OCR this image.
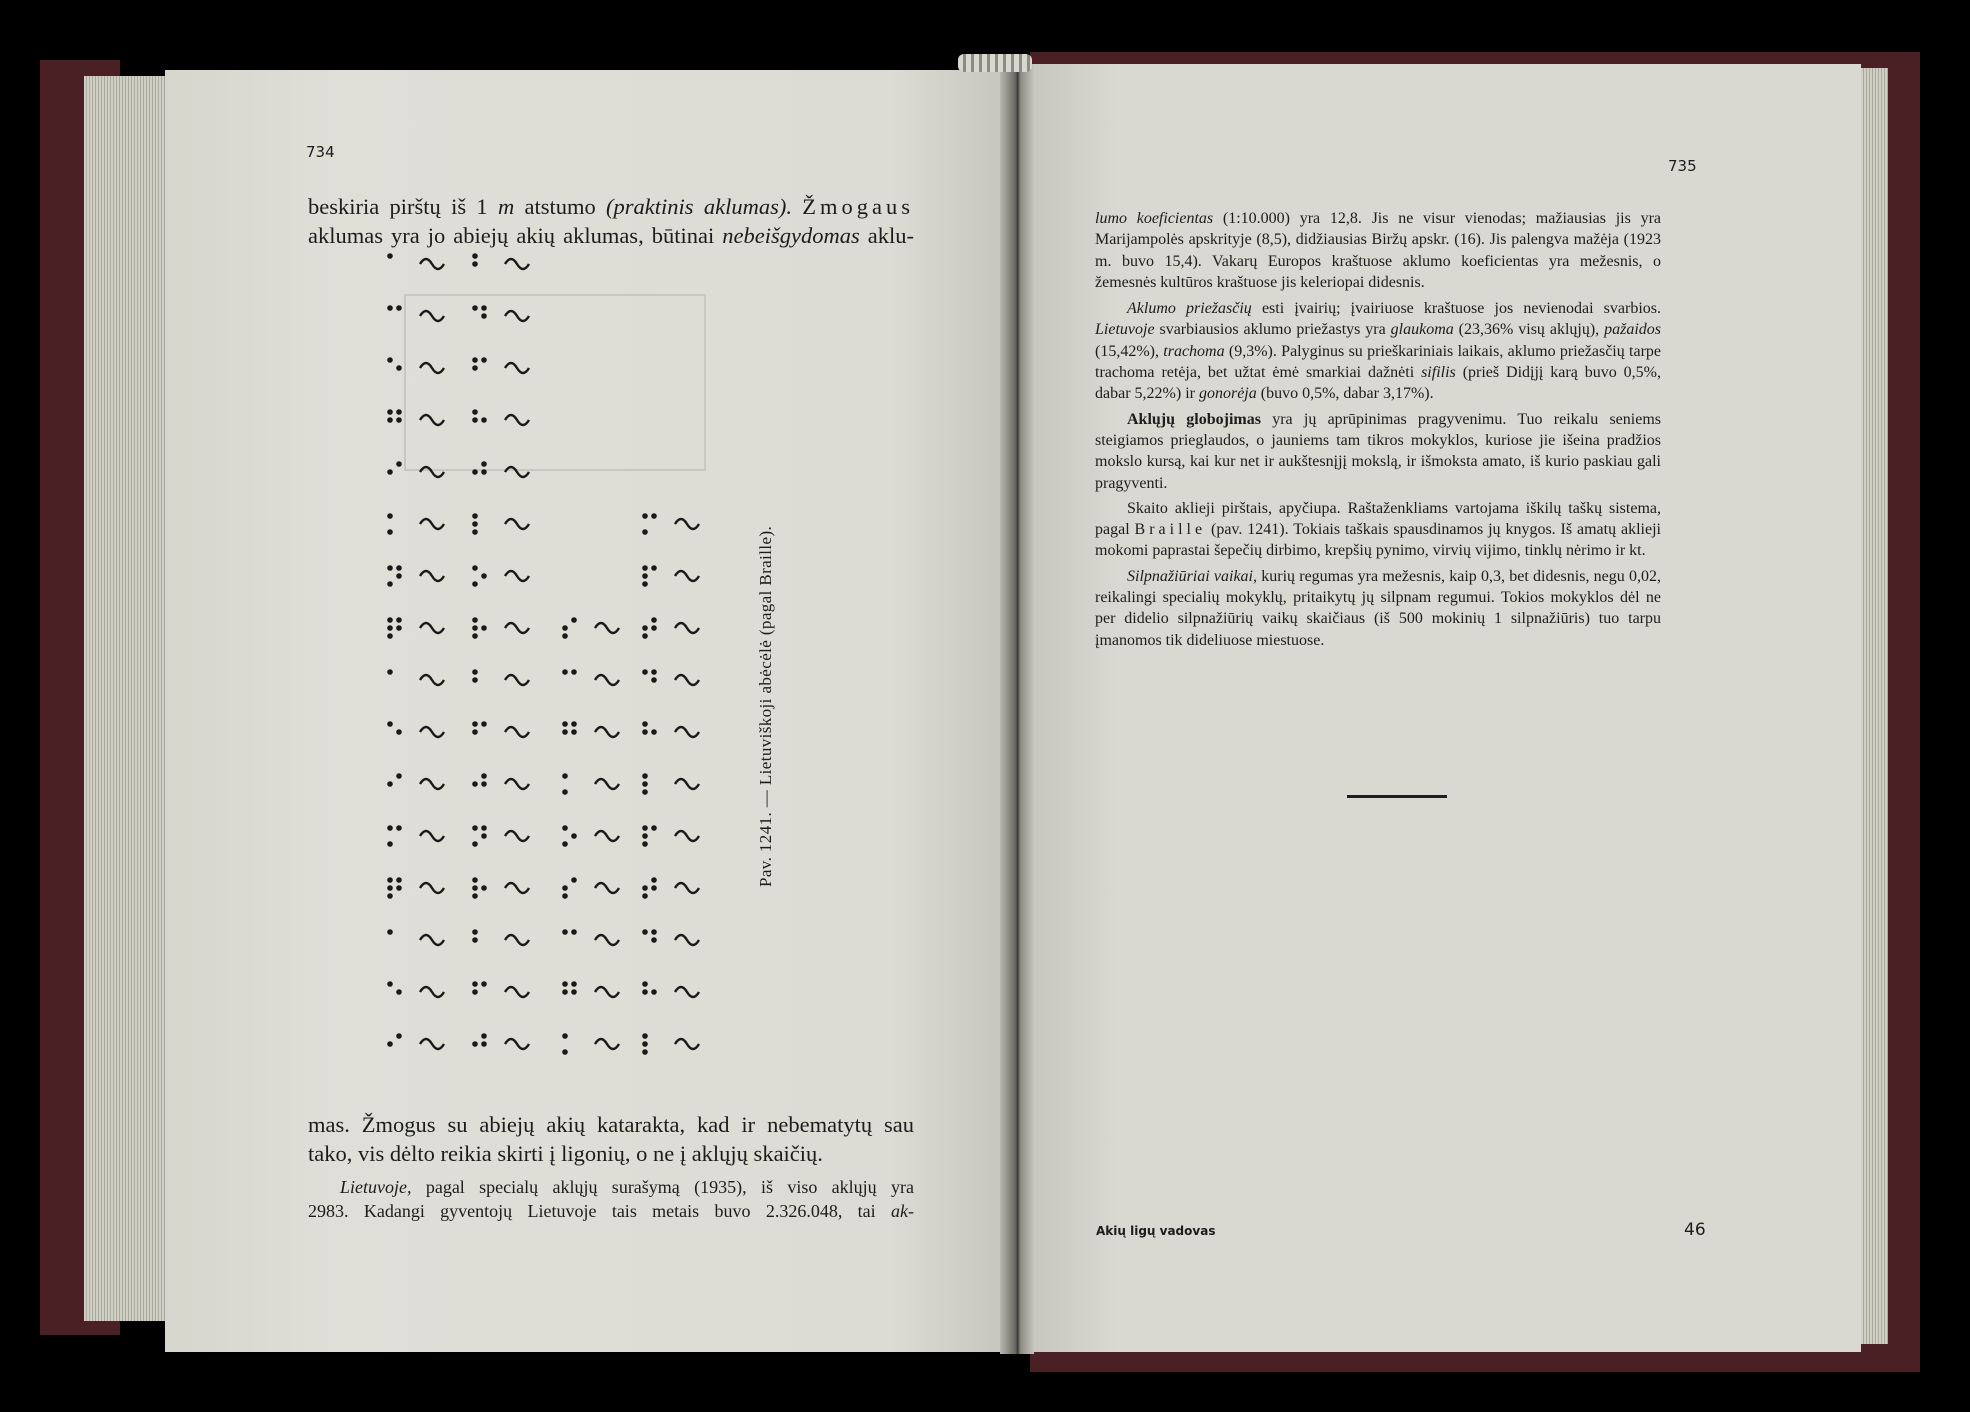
734

beskiria pirštų iš 1 m atstumo (praktinis aklumas). Žmogaus

aklumas yra jo abiejų akių aklumas, būtinai nebeišgydomas aklu-

Pav. 1241. — Lietuviškoji abėcėlė (pagal Braille).

mas. Žmogus su abiejų akių katarakta, kad ir nebematytų sau

tako, vis dėlto reikia skirti į ligonių, o ne į aklųjų skaičių.

Lietuvoje, pagal specialų aklųjų surašymą (1935), iš viso aklųjų yra

2983. Kadangi gyventojų Lietuvoje tais metais buvo 2.326.048, tai ak-

735

lumo koeficientas (1:10.000) yra 12,8. Jis ne visur vienodas; mažiausias jis yra Marijampolės apskrityje (8,5), didžiausias Biržų apskr. (16). Jis palengva mažėja (1923 m. buvo 15,4). Vakarų Europos kraštuose aklumo koeficientas yra mežesnis, o žemesnės kultūros kraštuose jis keleriopai didesnis.

Aklumo priežasčių esti įvairių; įvairiuose kraštuose jos nevienodai svarbios. Lietuvoje svarbiausios aklumo priežastys yra glaukoma (23,36% visų aklųjų), pažaidos (15,42%), trachoma (9,3%). Palyginus su prieškariniais laikais, aklumo priežasčių tarpe trachoma retėja, bet užtat ėmė smarkiai dažnėti sifilis (prieš Didįjį karą buvo 0,5%, dabar 5,22%) ir gonorėja (buvo 0,5%, dabar 3,17%).

Aklųjų globojimas yra jų aprūpinimas pragyvenimu. Tuo reikalu seniems steigiamos prieglaudos, o jauniems tam tikros mokyklos, kuriose jie išeina pradžios mokslo kursą, kai kur net ir aukštesnįjį mokslą, ir išmoksta amato, iš kurio paskiau gali pragyventi.

Skaito aklieji pirštais, apyčiupa. Raštaženkliams vartojama iškilų taškų sistema, pagal Braille (pav. 1241). Tokiais taškais spausdinamos jų knygos. Iš amatų aklieji mokomi paprastai šepečių dirbimo, krepšių pynimo, virvių vijimo, tinklų nėrimo ir kt.

Silpnažiūriai vaikai, kurių regumas yra mežesnis, kaip 0,3, bet didesnis, negu 0,02, reikalingi specialių mokyklų, pritaikytų jų silpnam regumui. Tokios mokyklos dėl ne per didelio silpnažiūrių vaikų skaičiaus (iš 500 mokinių 1 silpnažiūris) tuo tarpu įmanomos tik dideliuose miestuose.

Akių ligų vadovas	46
